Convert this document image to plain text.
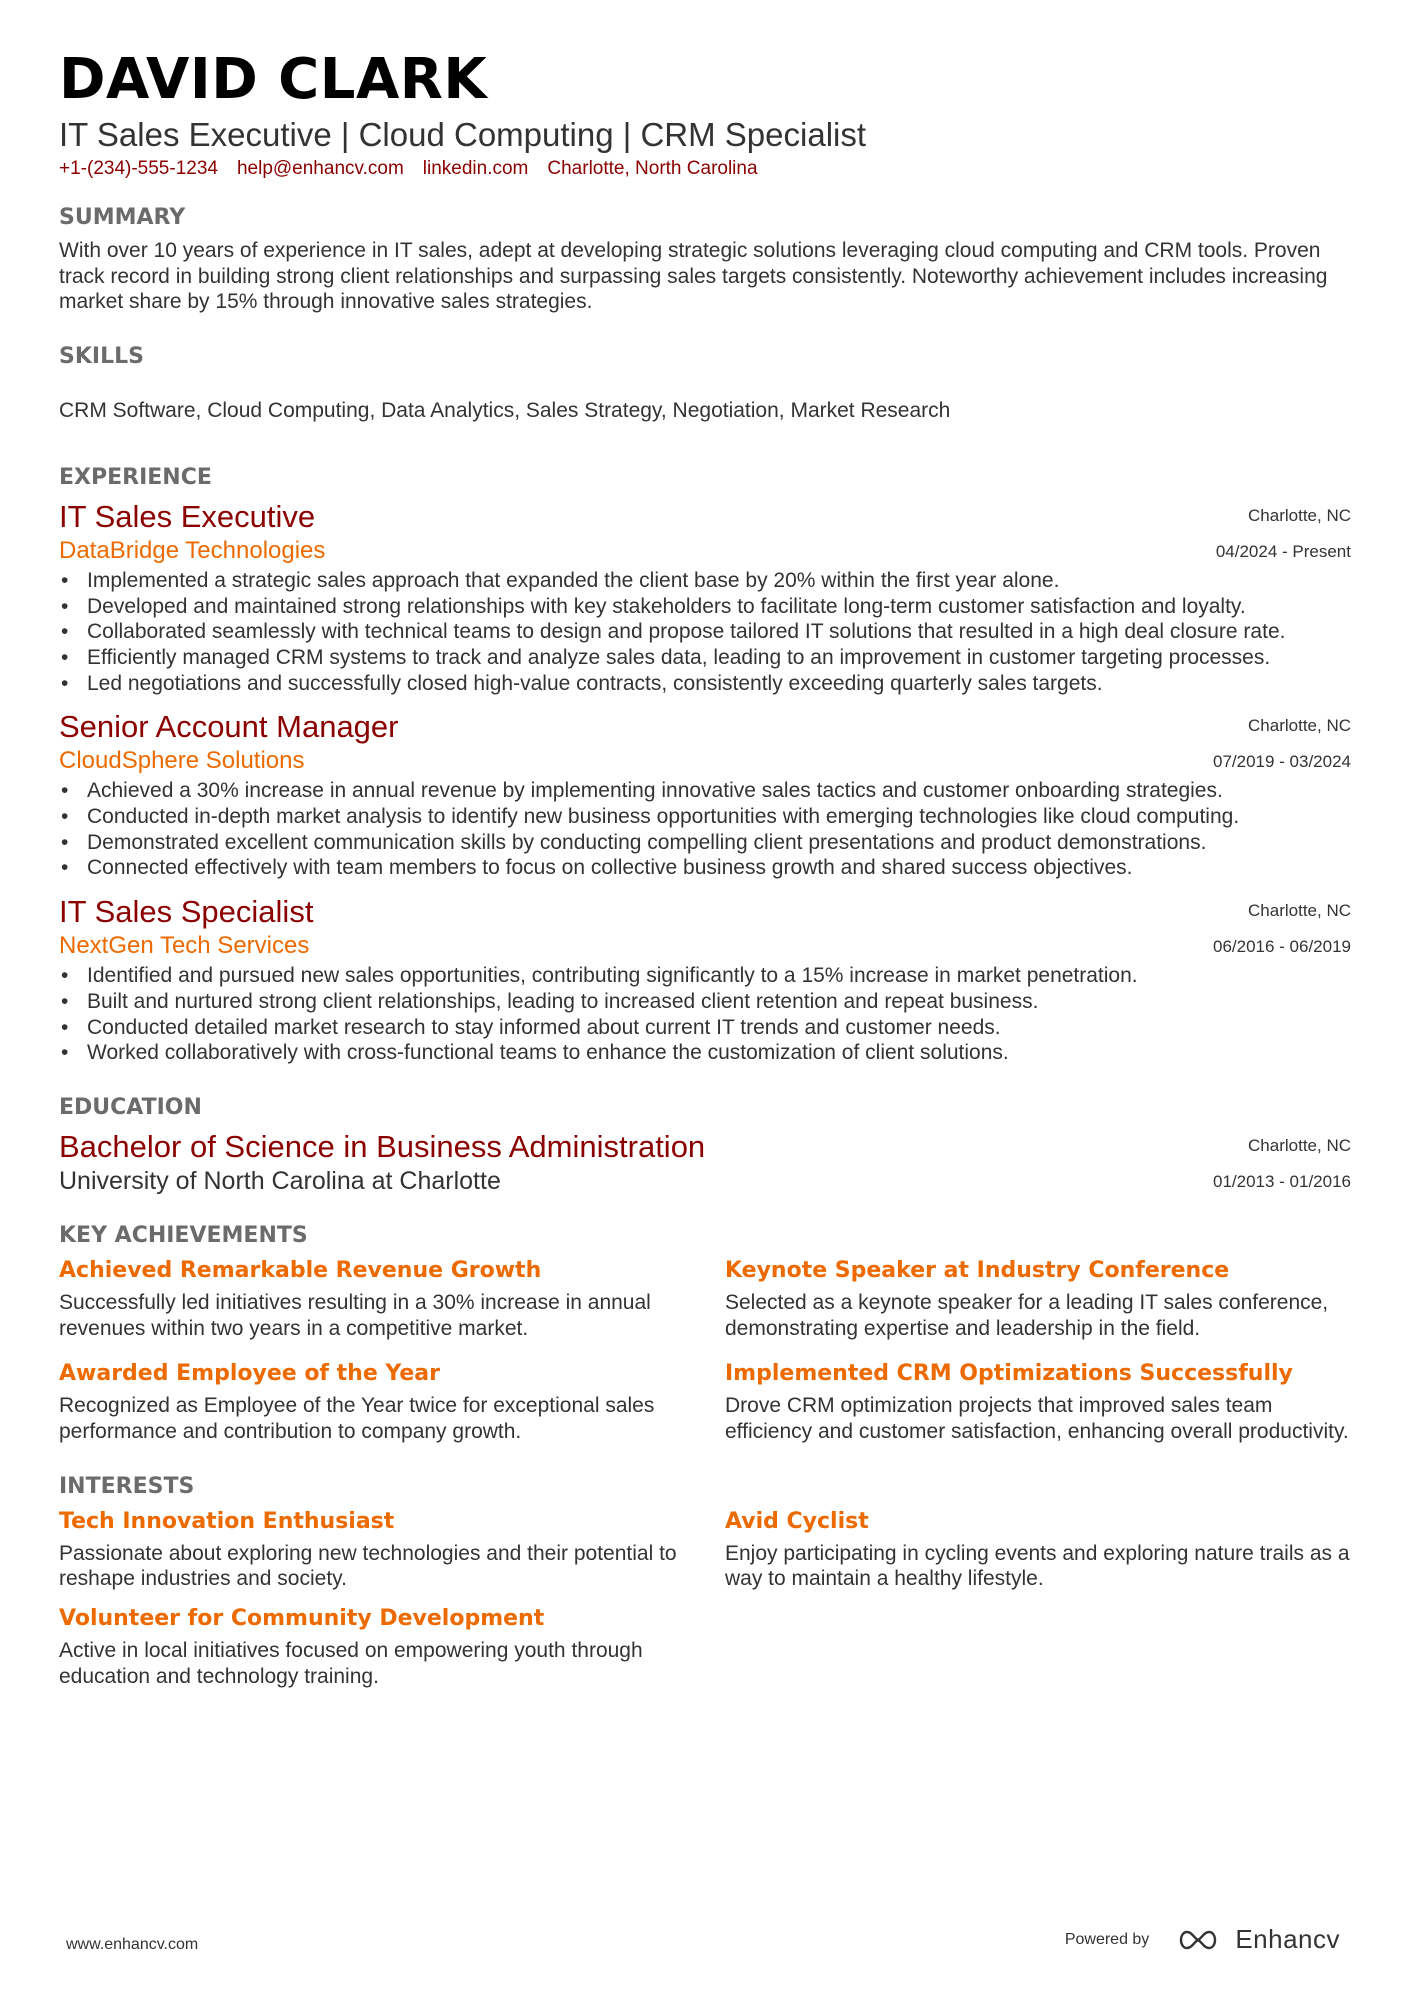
DAVID CLARK
IT Sales Executive | Cloud Computing | CRM Specialist
+1-(234)-555-1234 help@enhancv.com linkedin.com Charlotte, North Carolina
SUMMARY
With over 10 years of experience in IT sales, adept at developing strategic solutions leveraging cloud computing and CRM tools. Proven track record in building strong client relationships and surpassing sales targets consistently. Noteworthy achievement includes increasing market share by 15% through innovative sales strategies.
SKILLS
CRM Software, Cloud Computing, Data Analytics, Sales Strategy, Negotiation, Market Research
EXPERIENCE
IT Sales Executive
DataBridge Technologies
Charlotte, NC
04/2024 - Present
• Implemented a strategic sales approach that expanded the client base by 20% within the first year alone.
• Developed and maintained strong relationships with key stakeholders to facilitate long-term customer satisfaction and loyalty.
• Collaborated seamlessly with technical teams to design and propose tailored IT solutions that resulted in a high deal closure rate.
• Efficiently managed CRM systems to track and analyze sales data, leading to an improvement in customer targeting processes.
• Led negotiations and successfully closed high-value contracts, consistently exceeding quarterly sales targets.
Senior Account Manager
CloudSphere Solutions
Charlotte, NC
07/2019 - 03/2024
• Achieved a 30% increase in annual revenue by implementing innovative sales tactics and customer onboarding strategies.
• Conducted in-depth market analysis to identify new business opportunities with emerging technologies like cloud computing.
• Demonstrated excellent communication skills by conducting compelling client presentations and product demonstrations.
• Connected effectively with team members to focus on collective business growth and shared success objectives.
IT Sales Specialist
NextGen Tech Services
Charlotte, NC
06/2016 - 06/2019
• Identified and pursued new sales opportunities, contributing significantly to a 15% increase in market penetration.
• Built and nurtured strong client relationships, leading to increased client retention and repeat business.
• Conducted detailed market research to stay informed about current IT trends and customer needs.
• Worked collaboratively with cross-functional teams to enhance the customization of client solutions.
EDUCATION
Bachelor of Science in Business Administration
University of North Carolina at Charlotte
Charlotte, NC
01/2013 - 01/2016
KEY ACHIEVEMENTS
Achieved Remarkable Revenue Growth
Successfully led initiatives resulting in a 30% increase in annual revenues within two years in a competitive market.
Keynote Speaker at Industry Conference
Selected as a keynote speaker for a leading IT sales conference, demonstrating expertise and leadership in the field.
Awarded Employee of the Year
Recognized as Employee of the Year twice for exceptional sales performance and contribution to company growth.
Implemented CRM Optimizations Successfully
Drove CRM optimization projects that improved sales team efficiency and customer satisfaction, enhancing overall productivity.
INTERESTS
Tech Innovation Enthusiast
Passionate about exploring new technologies and their potential to reshape industries and society.
Avid Cyclist
Enjoy participating in cycling events and exploring nature trails as a way to maintain a healthy lifestyle.
Volunteer for Community Development
Active in local initiatives focused on empowering youth through education and technology training.
www.enhancv.com	Powered by	Enhancv
